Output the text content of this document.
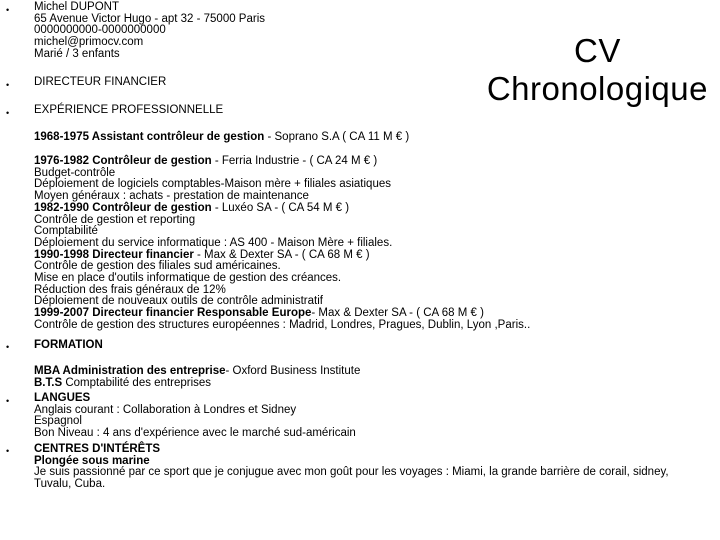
•
•
•
•
•
•
Michel DUPONT
65 Avenue Victor Hugo - apt 32 - 75000 Paris
0000000000-0000000000
michel@primocv.com
Marié / 3 enfants	CV
Chronologique
DIRECTEUR FINANCIER
EXPÉRIENCE PROFESSIONNELLE
1968-1975 Assistant contrôleur de gestion - Soprano S.A ( CA 11 M € )
1976-1982 Contrôleur de gestion - Ferria Industrie - ( CA 24 M € )
Budget-contrôle
Déploiement de logiciels comptables-Maison mère + filiales asiatiques
Moyen généraux : achats - prestation de maintenance
1982-1990 Contrôleur de gestion - Luxéo SA - ( CA 54 M € )
Contrôle de gestion et reporting
Comptabilité
Déploiement du service informatique : AS 400 - Maison Mère + filiales.
1990-1998 Directeur financier - Max & Dexter SA - ( CA 68 M € )
Contrôle de gestion des filiales sud américaines.
Mise en place d'outils informatique de gestion des créances.
Réduction des frais généraux de 12%
Déploiement de nouveaux outils de contrôle administratif
1999-2007 Directeur financier Responsable Europe- Max & Dexter SA - ( CA 68 M € )
Contrôle de gestion des structures européennes : Madrid, Londres, Pragues, Dublin, Lyon ,Paris..
FORMATION
MBA Administration des entreprise- Oxford Business Institute
B.T.S Comptabilité des entreprises
LANGUES
Anglais courant : Collaboration à Londres et Sidney
Espagnol
Bon Niveau : 4 ans d'expérience avec le marché sud-américain
CENTRES D'INTÉRÊTS
Plongée sous marine
Je suis passionné par ce sport que je conjugue avec mon goût pour les voyages : Miami, la grande barrière de corail, sidney,
Tuvalu, Cuba.
